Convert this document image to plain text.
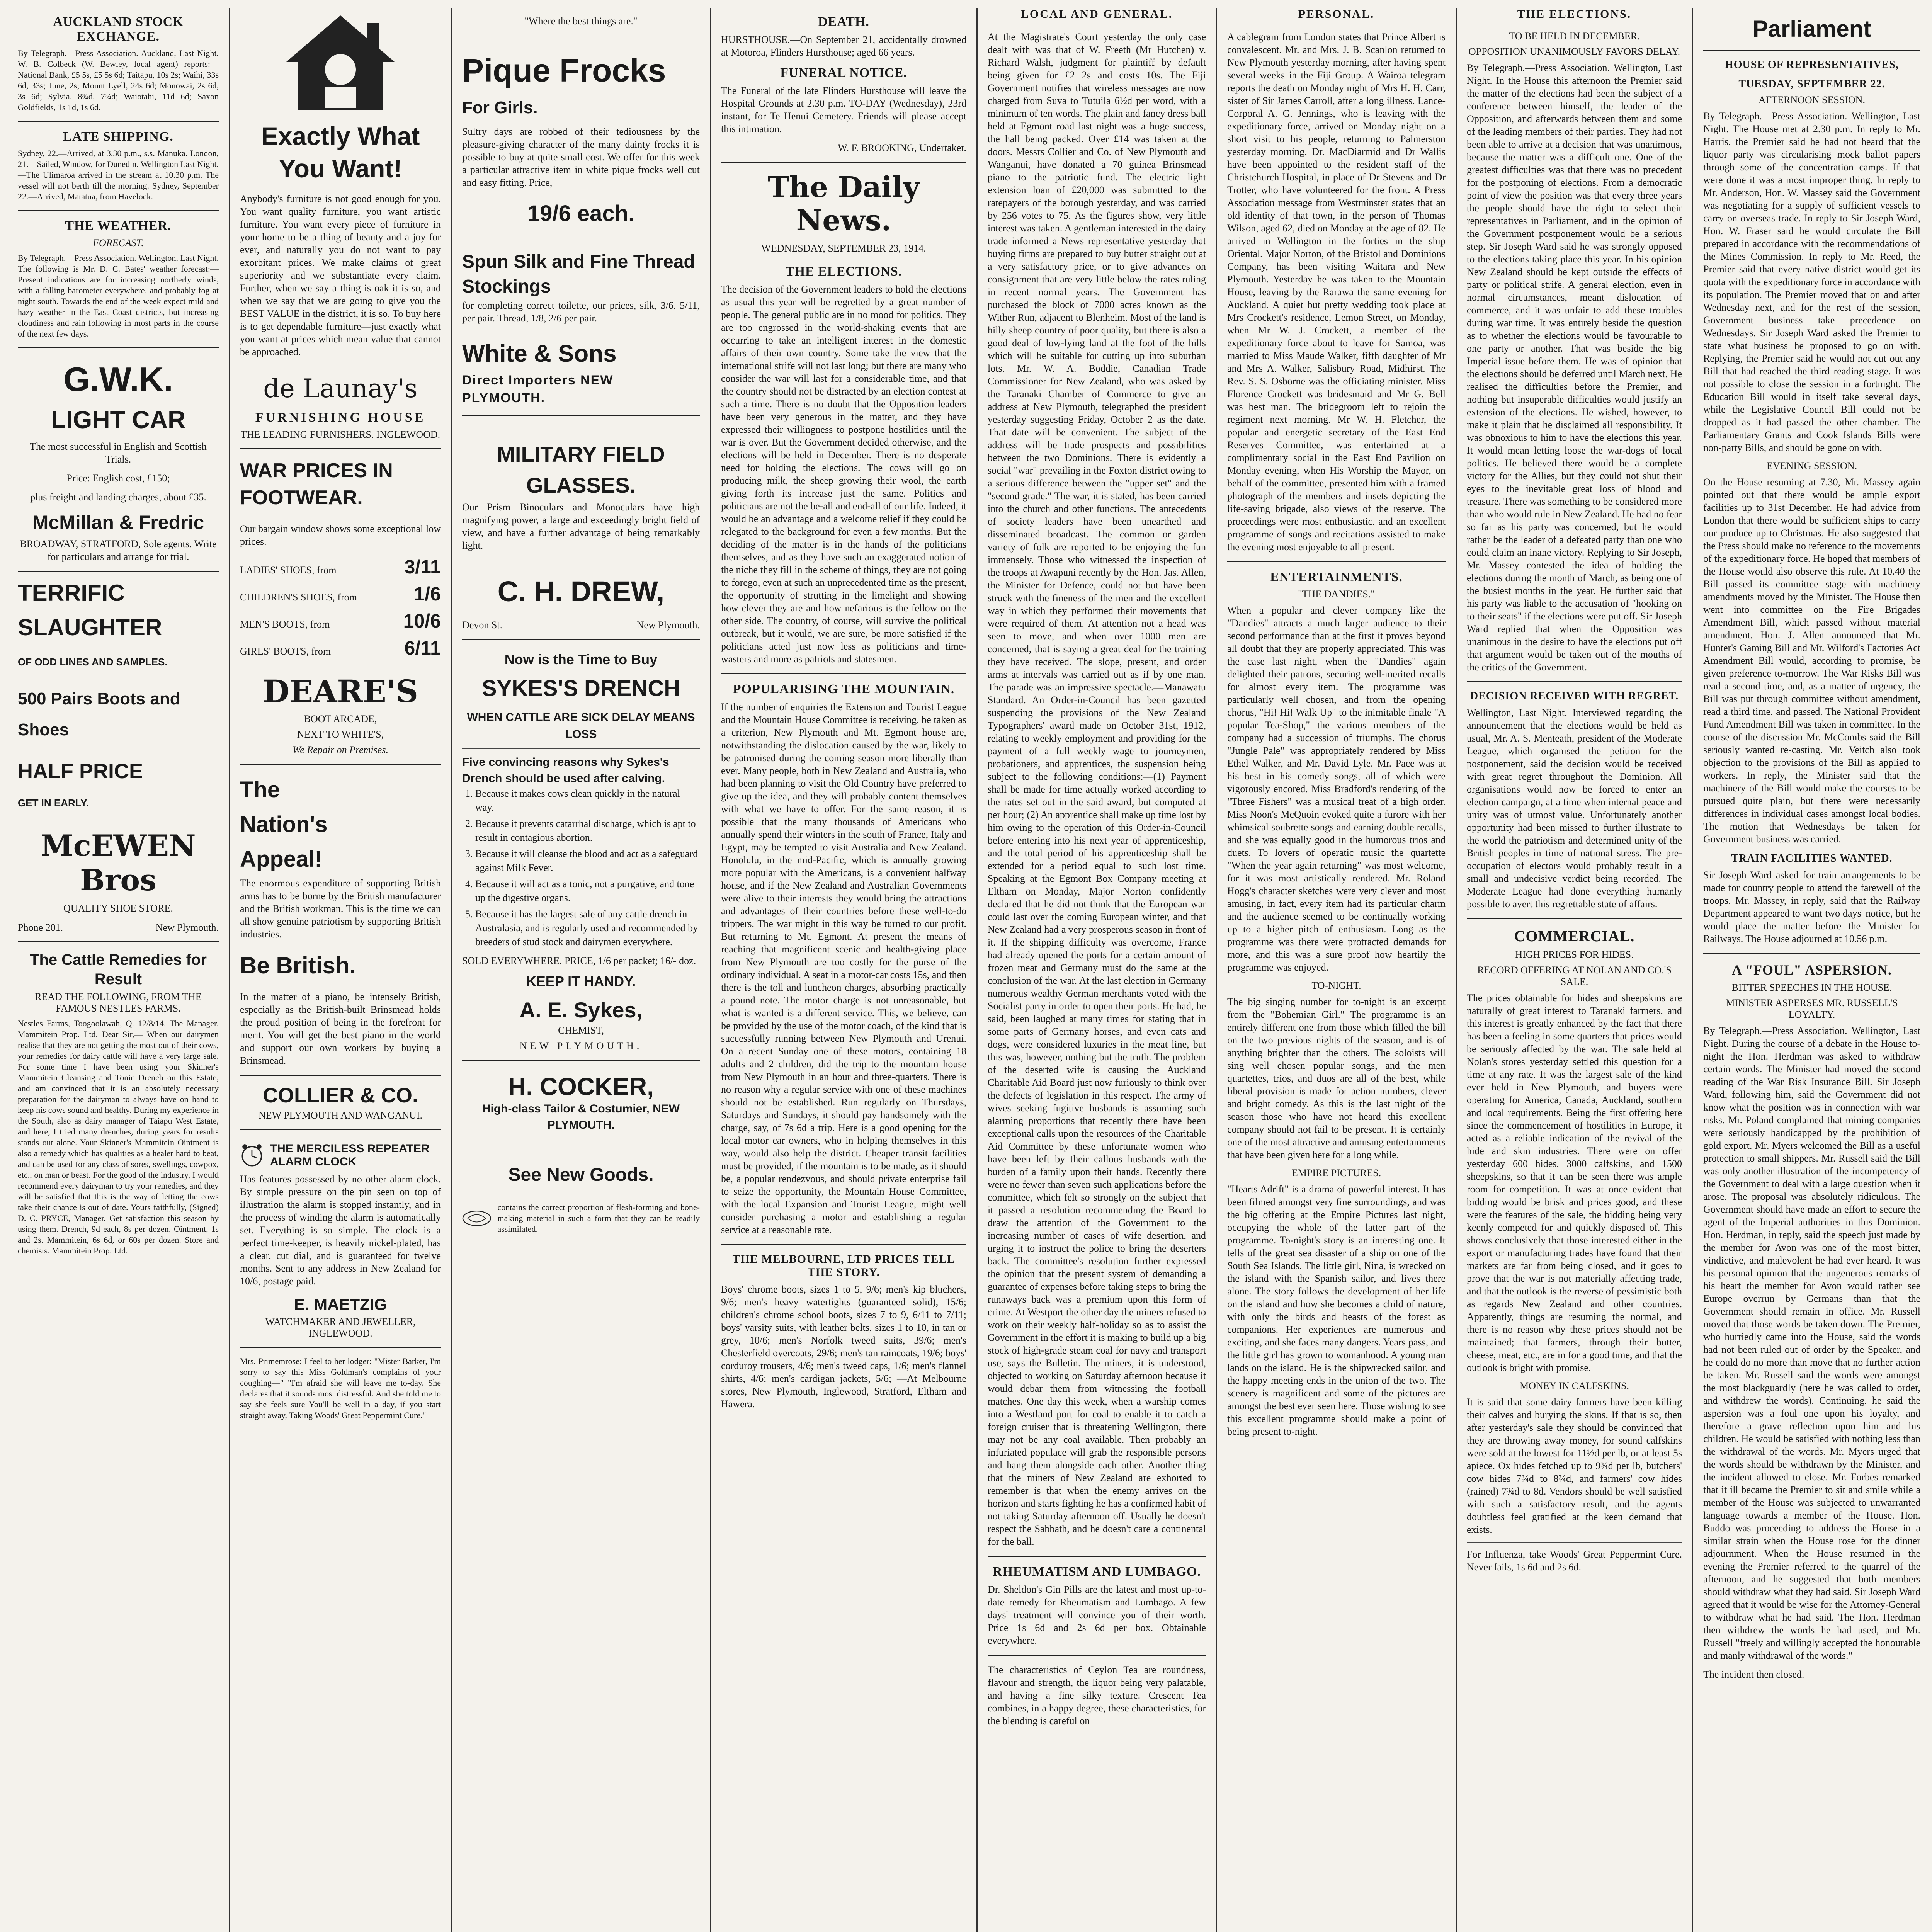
AUCKLAND STOCK EXCHANGE.

By Telegraph.—Press Association. Auckland, Last Night. W. B. Colbeck (W. Bewley, local agent) reports:— National Bank, £5 5s, £5 5s 6d; Taitapu, 10s 2s; Waihi, 33s 6d, 33s; June, 2s; Mount Lyell, 24s 6d; Monowai, 2s 6d, 3s 6d; Sylvia, 8¾d, 7¾d; Waiotahi, 11d 6d; Saxon Goldfields, 1s 1d, 1s 6d.

LATE SHIPPING.

Sydney, 22.—Arrived, at 3.30 p.m., s.s. Manuka. London, 21.—Sailed, Window, for Dunedin. Wellington Last Night.—The Ulimaroa arrived in the stream at 10.30 p.m. The vessel will not berth till the morning. Sydney, September 22.—Arrived, Matatua, from Havelock.

THE WEATHER.
FORECAST.

By Telegraph.—Press Association. Wellington, Last Night. The following is Mr. D. C. Bates' weather forecast:— Present indications are for increasing northerly winds, with a falling barometer everywhere, and probably fog at night south. Towards the end of the week expect mild and hazy weather in the East Coast districts, but increasing cloudiness and rain following in most parts in the course of the next few days.

G.W.K.
LIGHT CAR

The most successful in English and Scottish Trials.

Price: English cost, £150;

plus freight and landing charges, about £35.

McMillan & Fredric

BROADWAY, STRATFORD, Sole agents. Write for particulars and arrange for trial.

TERRIFIC
SLAUGHTER
OF ODD LINES AND SAMPLES.
500 Pairs Boots and Shoes
HALF PRICE
GET IN EARLY.
McEWEN Bros
QUALITY SHOE STORE.
Phone 201.	New Plymouth.
The Cattle Remedies for Result
READ THE FOLLOWING, FROM THE FAMOUS NESTLES FARMS.

Nestles Farms, Toogoolawah, Q. 12/8/14. The Manager, Mammitein Prop. Ltd. Dear Sir,— When our dairymen realise that they are not getting the most out of their cows, your remedies for dairy cattle will have a very large sale. For some time I have been using your Skinner's Mammitein Cleansing and Tonic Drench on this Estate, and am convinced that it is an absolutely necessary preparation for the dairyman to always have on hand to keep his cows sound and healthy. During my experience in the South, also as dairy manager of Taiapu West Estate, and here, I tried many drenches, during years for results stands out alone. Your Skinner's Mammitein Ointment is also a remedy which has qualities as a healer hard to beat, and can be used for any class of sores, swellings, cowpox, etc., on man or beast. For the good of the industry, I would recommend every dairyman to try your remedies, and they will be satisfied that this is the way of letting the cows take their chance is out of date. Yours faithfully, (Signed) D. C. PRYCE, Manager. Get satisfaction this season by using them. Drench, 9d each, 8s per dozen. Ointment, 1s and 2s. Mammitein, 6s 6d, or 60s per dozen. Store and chemists. Mammitein Prop. Ltd.

Exactly What You Want!

Anybody's furniture is not good enough for you. You want quality furniture, you want artistic furniture. You want every piece of furniture in your home to be a thing of beauty and a joy for ever, and naturally you do not want to pay exorbitant prices. We make claims of great superiority and we substantiate every claim. Further, when we say a thing is oak it is so, and when we say that we are going to give you the BEST VALUE in the district, it is so. To buy here is to get dependable furniture—just exactly what you want at prices which mean value that cannot be approached.

de Launay's
FURNISHING HOUSE
THE LEADING FURNISHERS. INGLEWOOD.
WAR PRICES IN FOOTWEAR.

Our bargain window shows some exceptional low prices.

LADIES' SHOES, from	3/11
CHILDREN'S SHOES, from	1/6
MEN'S BOOTS, from	10/6
GIRLS' BOOTS, from	6/11
DEARE'S
BOOT ARCADE,
NEXT TO WHITE'S,
We Repair on Premises.
The
Nation's
Appeal!

The enormous expenditure of supporting British arms has to be borne by the British manufacturer and the British workman. This is the time we can all show genuine patriotism by supporting British industries.

Be British.

In the matter of a piano, be intensely British, especially as the British-built Brinsmead holds the proud position of being in the forefront for merit. You will get the best piano in the world and support our own workers by buying a Brinsmead.

COLLIER & CO.
NEW PLYMOUTH AND WANGANUI.
THE MERCILESS REPEATER ALARM CLOCK

Has features possessed by no other alarm clock. By simple pressure on the pin seen on top of illustration the alarm is stopped instantly, and in the process of winding the alarm is automatically set. Everything is so simple. The clock is a perfect time-keeper, is heavily nickel-plated, has a clear, cut dial, and is guaranteed for twelve months. Sent to any address in New Zealand for 10/6, postage paid.

E. MAETZIG
WATCHMAKER AND JEWELLER, INGLEWOOD.

Mrs. Primemrose: I feel to her lodger: "Mister Barker, I'm sorry to say this Miss Goldman's complains of your coughing—" "I'm afraid she will leave me to-day. She declares that it sounds most distressful. And she told me to say she feels sure You'll be well in a day, if you start straight away, Taking Woods' Great Peppermint Cure."

"Where the best things are."
Pique Frocks
For Girls.

Sultry days are robbed of their tediousness by the pleasure-giving character of the many dainty frocks it is possible to buy at quite small cost. We offer for this week a particular attractive item in white pique frocks well cut and easy fitting. Price,

19/6 each.
Spun Silk and Fine Thread Stockings

for completing correct toilette, our prices, silk, 3/6, 5/11, per pair. Thread, 1/8, 2/6 per pair.

White & Sons
Direct Importers NEW PLYMOUTH.
MILITARY FIELD GLASSES.

Our Prism Binoculars and Monoculars have high magnifying power, a large and exceedingly bright field of view, and have a further advantage of being remarkably light.

C. H. DREW,
Devon St.	New Plymouth.
Now is the Time to Buy
SYKES'S DRENCH
WHEN CATTLE ARE SICK DELAY MEANS LOSS
Five convincing reasons why Sykes's Drench should be used after calving.
1. Because it makes cows clean quickly in the natural way.
2. Because it prevents catarrhal discharge, which is apt to result in contagious abortion.
3. Because it will cleanse the blood and act as a safeguard against Milk Fever.
4. Because it will act as a tonic, not a purgative, and tone up the digestive organs.
5. Because it has the largest sale of any cattle drench in Australasia, and is regularly used and recommended by breeders of stud stock and dairymen everywhere.

SOLD EVERYWHERE. PRICE, 1/6 per packet; 16/- doz.

KEEP IT HANDY.
A. E. Sykes,
CHEMIST,
NEW PLYMOUTH.
H. COCKER,
High-class Tailor & Costumier, NEW PLYMOUTH.
See New Goods.

contains the correct proportion of flesh-forming and bone-making material in such a form that they can be readily assimilated.

DEATH.

HURSTHOUSE.—On September 21, accidentally drowned at Motoroa, Flinders Hursthouse; aged 66 years.

FUNERAL NOTICE.

The Funeral of the late Flinders Hursthouse will leave the Hospital Grounds at 2.30 p.m. TO-DAY (Wednesday), 23rd instant, for Te Henui Cemetery. Friends will please accept this intimation.

W. F. BROOKING, Undertaker.

The Daily News.
WEDNESDAY, SEPTEMBER 23, 1914.
THE ELECTIONS.

The decision of the Government leaders to hold the elections as usual this year will be regretted by a great number of people. The general public are in no mood for politics. They are too engrossed in the world-shaking events that are occurring to take an intelligent interest in the domestic affairs of their own country. Some take the view that the international strife will not last long; but there are many who consider the war will last for a considerable time, and that the country should not be distracted by an election contest at such a time. There is no doubt that the Opposition leaders have been very generous in the matter, and they have expressed their willingness to postpone hostilities until the war is over. But the Government decided otherwise, and the elections will be held in December. There is no desperate need for holding the elections. The cows will go on producing milk, the sheep growing their wool, the earth giving forth its increase just the same. Politics and politicians are not the be-all and end-all of our life. Indeed, it would be an advantage and a welcome relief if they could be relegated to the background for even a few months. But the deciding of the matter is in the hands of the politicians themselves, and as they have such an exaggerated notion of the niche they fill in the scheme of things, they are not going to forego, even at such an unprecedented time as the present, the opportunity of strutting in the limelight and showing how clever they are and how nefarious is the fellow on the other side. The country, of course, will survive the political outbreak, but it would, we are sure, be more satisfied if the politicians acted just now less as politicians and time-wasters and more as patriots and statesmen.

POPULARISING THE MOUNTAIN.

If the number of enquiries the Extension and Tourist League and the Mountain House Committee is receiving, be taken as a criterion, New Plymouth and Mt. Egmont house are, notwithstanding the dislocation caused by the war, likely to be patronised during the coming season more liberally than ever. Many people, both in New Zealand and Australia, who had been planning to visit the Old Country have preferred to give up the idea, and they will probably content themselves with what we have to offer. For the same reason, it is possible that the many thousands of Americans who annually spend their winters in the south of France, Italy and Egypt, may be tempted to visit Australia and New Zealand. Honolulu, in the mid-Pacific, which is annually growing more popular with the Americans, is a convenient halfway house, and if the New Zealand and Australian Governments were alive to their interests they would bring the attractions and advantages of their countries before these well-to-do trippers. The war might in this way be turned to our profit. But returning to Mt. Egmont. At present the means of reaching that magnificent scenic and health-giving place from New Plymouth are too costly for the purse of the ordinary individual. A seat in a motor-car costs 15s, and then there is the toll and luncheon charges, absorbing practically a pound note. The motor charge is not unreasonable, but what is wanted is a different service. This, we believe, can be provided by the use of the motor coach, of the kind that is successfully running between New Plymouth and Urenui. On a recent Sunday one of these motors, containing 18 adults and 2 children, did the trip to the mountain house from New Plymouth in an hour and three-quarters. There is no reason why a regular service with one of these machines should not be established. Run regularly on Thursdays, Saturdays and Sundays, it should pay handsomely with the charge, say, of 7s 6d a trip. Here is a good opening for the local motor car owners, who in helping themselves in this way, would also help the district. Cheaper transit facilities must be provided, if the mountain is to be made, as it should be, a popular rendezvous, and should private enterprise fail to seize the opportunity, the Mountain House Committee, with the local Expansion and Tourist League, might well consider purchasing a motor and establishing a regular service at a reasonable rate.

THE MELBOURNE, LTD PRICES TELL THE STORY.

Boys' chrome boots, sizes 1 to 5, 9/6; men's kip bluchers, 9/6; men's heavy watertights (guaranteed solid), 15/6; children's chrome school boots, sizes 7 to 9, 6/11 to 7/11; boys' varsity suits, with leather belts, sizes 1 to 10, in tan or grey, 10/6; men's Norfolk tweed suits, 39/6; men's Chesterfield overcoats, 29/6; men's tan raincoats, 19/6; boys' corduroy trousers, 4/6; men's tweed caps, 1/6; men's flannel shirts, 4/6; men's cardigan jackets, 5/6; —At Melbourne stores, New Plymouth, Inglewood, Stratford, Eltham and Hawera.

LOCAL AND GENERAL.

At the Magistrate's Court yesterday the only case dealt with was that of W. Freeth (Mr Hutchen) v. Richard Walsh, judgment for plaintiff by default being given for £2 2s and costs 10s. The Fiji Government notifies that wireless messages are now charged from Suva to Tutuila 6½d per word, with a minimum of ten words. The plain and fancy dress ball held at Egmont road last night was a huge success, the hall being packed. Over £14 was taken at the doors. Messrs Collier and Co. of New Plymouth and Wanganui, have donated a 70 guinea Brinsmead piano to the patriotic fund. The electric light extension loan of £20,000 was submitted to the ratepayers of the borough yesterday, and was carried by 256 votes to 75. As the figures show, very little interest was taken. A gentleman interested in the dairy trade informed a News representative yesterday that buying firms are prepared to buy butter straight out at a very satisfactory price, or to give advances on consignment that are very little below the rates ruling in recent normal years. The Government has purchased the block of 7000 acres known as the Wither Run, adjacent to Blenheim. Most of the land is hilly sheep country of poor quality, but there is also a good deal of low-lying land at the foot of the hills which will be suitable for cutting up into suburban lots. Mr. W. A. Boddie, Canadian Trade Commissioner for New Zealand, who was asked by the Taranaki Chamber of Commerce to give an address at New Plymouth, telegraphed the president yesterday suggesting Friday, October 2 as the date. That date will be convenient. The subject of the address will be trade prospects and possibilities between the two Dominions. There is evidently a social "war" prevailing in the Foxton district owing to a serious difference between the "upper set" and the "second grade." The war, it is stated, has been carried into the church and other functions. The antecedents of society leaders have been unearthed and disseminated broadcast. The common or garden variety of folk are reported to be enjoying the fun immensely. Those who witnessed the inspection of the troops at Awapuni recently by the Hon. Jas. Allen, the Minister for Defence, could not but have been struck with the fineness of the men and the excellent way in which they performed their movements that were required of them. At attention not a head was seen to move, and when over 1000 men are concerned, that is saying a great deal for the training they have received. The slope, present, and order arms at intervals was carried out as if by one man. The parade was an impressive spectacle.—Manawatu Standard. An Order-in-Council has been gazetted suspending the provisions of the New Zealand Typographers' award made on October 31st, 1912, relating to weekly employment and providing for the payment of a full weekly wage to journeymen, probationers, and apprentices, the suspension being subject to the following conditions:—(1) Payment shall be made for time actually worked according to the rates set out in the said award, but computed at per hour; (2) An apprentice shall make up time lost by him owing to the operation of this Order-in-Council before entering into his next year of apprenticeship, and the total period of his apprenticeship shall be extended for a period equal to such lost time. Speaking at the Egmont Box Company meeting at Eltham on Monday, Major Norton confidently declared that he did not think that the European war could last over the coming European winter, and that New Zealand had a very prosperous season in front of it. If the shipping difficulty was overcome, France had already opened the ports for a certain amount of frozen meat and Germany must do the same at the conclusion of the war. At the last election in Germany numerous wealthy German merchants voted with the Socialist party in order to open their ports. He had, he said, been laughed at many times for stating that in some parts of Germany horses, and even cats and dogs, were considered luxuries in the meat line, but this was, however, nothing but the truth. The problem of the deserted wife is causing the Auckland Charitable Aid Board just now furiously to think over the defects of legislation in this respect. The army of wives seeking fugitive husbands is assuming such alarming proportions that recently there have been exceptional calls upon the resources of the Charitable Aid Committee by these unfortunate women who have been left by their callous husbands with the burden of a family upon their hands. Recently there were no fewer than seven such applications before the committee, which felt so strongly on the subject that it passed a resolution recommending the Board to draw the attention of the Government to the increasing number of cases of wife desertion, and urging it to instruct the police to bring the deserters back. The committee's resolution further expressed the opinion that the present system of demanding a guarantee of expenses before taking steps to bring the runaways back was a premium upon this form of crime. At Westport the other day the miners refused to work on their weekly half-holiday so as to assist the Government in the effort it is making to build up a big stock of high-grade steam coal for navy and transport use, says the Bulletin. The miners, it is understood, objected to working on Saturday afternoon because it would debar them from witnessing the football matches. One day this week, when a warship comes into a Westland port for coal to enable it to catch a foreign cruiser that is threatening Wellington, there may not be any coal available. Then probably an infuriated populace will grab the responsible persons and hang them alongside each other. Another thing that the miners of New Zealand are exhorted to remember is that when the enemy arrives on the horizon and starts fighting he has a confirmed habit of not taking Saturday afternoon off. Usually he doesn't respect the Sabbath, and he doesn't care a continental for the ball.

RHEUMATISM AND LUMBAGO.

Dr. Sheldon's Gin Pills are the latest and most up-to-date remedy for Rheumatism and Lumbago. A few days' treatment will convince you of their worth. Price 1s 6d and 2s 6d per box. Obtainable everywhere.

The characteristics of Ceylon Tea are roundness, flavour and strength, the liquor being very palatable, and having a fine silky texture. Crescent Tea combines, in a happy degree, these characteristics, for the blending is careful on

PERSONAL.

A cablegram from London states that Prince Albert is convalescent. Mr. and Mrs. J. B. Scanlon returned to New Plymouth yesterday morning, after having spent several weeks in the Fiji Group. A Wairoa telegram reports the death on Monday night of Mrs H. H. Carr, sister of Sir James Carroll, after a long illness. Lance-Corporal A. G. Jennings, who is leaving with the expeditionary force, arrived on Monday night on a short visit to his people, returning to Palmerston yesterday morning. Dr. MacDiarmid and Dr Wallis have been appointed to the resident staff of the Christchurch Hospital, in place of Dr Stevens and Dr Trotter, who have volunteered for the front. A Press Association message from Westminster states that an old identity of that town, in the person of Thomas Wilson, aged 62, died on Monday at the age of 82. He arrived in Wellington in the forties in the ship Oriental. Major Norton, of the Bristol and Dominions Company, has been visiting Waitara and New Plymouth. Yesterday he was taken to the Mountain House, leaving by the Rarawa the same evening for Auckland. A quiet but pretty wedding took place at Mrs Crockett's residence, Lemon Street, on Monday, when Mr W. J. Crockett, a member of the expeditionary force about to leave for Samoa, was married to Miss Maude Walker, fifth daughter of Mr and Mrs A. Walker, Salisbury Road, Midhirst. The Rev. S. S. Osborne was the officiating minister. Miss Florence Crockett was bridesmaid and Mr G. Bell was best man. The bridegroom left to rejoin the regiment next morning. Mr W. H. Fletcher, the popular and energetic secretary of the East End Reserves Committee, was entertained at a complimentary social in the East End Pavilion on Monday evening, when His Worship the Mayor, on behalf of the committee, presented him with a framed photograph of the members and insets depicting the life-saving brigade, also views of the reserve. The proceedings were most enthusiastic, and an excellent programme of songs and recitations assisted to make the evening most enjoyable to all present.

ENTERTAINMENTS.
"THE DANDIES."

When a popular and clever company like the "Dandies" attracts a much larger audience to their second performance than at the first it proves beyond all doubt that they are properly appreciated. This was the case last night, when the "Dandies" again delighted their patrons, securing well-merited recalls for almost every item. The programme was particularly well chosen, and from the opening chorus, "Hi! Hi! Walk Up" to the inimitable finale "A popular Tea-Shop," the various members of the company had a succession of triumphs. The chorus "Jungle Pale" was appropriately rendered by Miss Ethel Walker, and Mr. David Lyle. Mr. Pace was at his best in his comedy songs, all of which were vigorously encored. Miss Bradford's rendering of the "Three Fishers" was a musical treat of a high order. Miss Noon's McQuoin evoked quite a furore with her whimsical soubrette songs and earning double recalls, and she was equally good in the humorous trios and duets. To lovers of operatic music the quartette "When the year again returning" was most welcome, for it was most artistically rendered. Mr. Roland Hogg's character sketches were very clever and most amusing, in fact, every item had its particular charm and the audience seemed to be continually working up to a higher pitch of enthusiasm. Long as the programme was there were protracted demands for more, and this was a sure proof how heartily the programme was enjoyed.

TO-NIGHT.

The big singing number for to-night is an excerpt from the "Bohemian Girl." The programme is an entirely different one from those which filled the bill on the two previous nights of the season, and is of anything brighter than the others. The soloists will sing well chosen popular songs, and the men quartettes, trios, and duos are all of the best, while liberal provision is made for action numbers, clever and bright comedy. As this is the last night of the season those who have not heard this excellent company should not fail to be present. It is certainly one of the most attractive and amusing entertainments that have been given here for a long while.

EMPIRE PICTURES.

"Hearts Adrift" is a drama of powerful interest. It has been filmed amongst very fine surroundings, and was the big offering at the Empire Pictures last night, occupying the whole of the latter part of the programme. To-night's story is an interesting one. It tells of the great sea disaster of a ship on one of the South Sea Islands. The little girl, Nina, is wrecked on the island with the Spanish sailor, and lives there alone. The story follows the development of her life on the island and how she becomes a child of nature, with only the birds and beasts of the forest as companions. Her experiences are numerous and exciting, and she faces many dangers. Years pass, and the little girl has grown to womanhood. A young man lands on the island. He is the shipwrecked sailor, and the happy meeting ends in the union of the two. The scenery is magnificent and some of the pictures are amongst the best ever seen here. Those wishing to see this excellent programme should make a point of being present to-night.

THE ELECTIONS.
TO BE HELD IN DECEMBER.
OPPOSITION UNANIMOUSLY FAVORS DELAY.

By Telegraph.—Press Association. Wellington, Last Night. In the House this afternoon the Premier said the matter of the elections had been the subject of a conference between himself, the leader of the Opposition, and afterwards between them and some of the leading members of their parties. They had not been able to arrive at a decision that was unanimous, because the matter was a difficult one. One of the greatest difficulties was that there was no precedent for the postponing of elections. From a democratic point of view the position was that every three years the people should have the right to select their representatives in Parliament, and in the opinion of the Government postponement would be a serious step. Sir Joseph Ward said he was strongly opposed to the elections taking place this year. In his opinion New Zealand should be kept outside the effects of party or political strife. A general election, even in normal circumstances, meant dislocation of commerce, and it was unfair to add these troubles during war time. It was entirely beside the question as to whether the elections would be favourable to one party or another. That was beside the big Imperial issue before them. He was of opinion that the elections should be deferred until March next. He realised the difficulties before the Premier, and nothing but insuperable difficulties would justify an extension of the elections. He wished, however, to make it plain that he disclaimed all responsibility. It was obnoxious to him to have the elections this year. It would mean letting loose the war-dogs of local politics. He believed there would be a complete victory for the Allies, but they could not shut their eyes to the inevitable great loss of blood and treasure. There was something to be considered more than who would rule in New Zealand. He had no fear so far as his party was concerned, but he would rather be the leader of a defeated party than one who could claim an inane victory. Replying to Sir Joseph, Mr. Massey contested the idea of holding the elections during the month of March, as being one of the busiest months in the year. He further said that his party was liable to the accusation of "hooking on to their seats" if the elections were put off. Sir Joseph Ward replied that when the Opposition was unanimous in the desire to have the elections put off that argument would be taken out of the mouths of the critics of the Government.

DECISION RECEIVED WITH REGRET.

Wellington, Last Night. Interviewed regarding the announcement that the elections would be held as usual, Mr. A. S. Menteath, president of the Moderate League, which organised the petition for the postponement, said the decision would be received with great regret throughout the Dominion. All organisations would now be forced to enter an election campaign, at a time when internal peace and unity was of utmost value. Unfortunately another opportunity had been missed to further illustrate to the world the patriotism and determined unity of the British peoples in time of national stress. The pre-occupation of electors would probably result in a small and undecisive verdict being recorded. The Moderate League had done everything humanly possible to avert this regrettable state of affairs.

COMMERCIAL.
HIGH PRICES FOR HIDES.
RECORD OFFERING AT NOLAN AND CO.'S SALE.

The prices obtainable for hides and sheepskins are naturally of great interest to Taranaki farmers, and this interest is greatly enhanced by the fact that there has been a feeling in some quarters that prices would be seriously affected by the war. The sale held at Nolan's stores yesterday settled this question for a time at any rate. It was the largest sale of the kind ever held in New Plymouth, and buyers were operating for America, Canada, Auckland, southern and local requirements. Being the first offering here since the commencement of hostilities in Europe, it acted as a reliable indication of the revival of the hide and skin industries. There were on offer yesterday 600 hides, 3000 calfskins, and 1500 sheepskins, so that it can be seen there was ample room for competition. It was at once evident that bidding would be brisk and prices good, and these were the features of the sale, the bidding being very keenly competed for and quickly disposed of. This shows conclusively that those interested either in the export or manufacturing trades have found that their markets are far from being closed, and it goes to prove that the war is not materially affecting trade, and that the outlook is the reverse of pessimistic both as regards New Zealand and other countries. Apparently, things are resuming the normal, and there is no reason why these prices should not be maintained; that farmers, through their butter, cheese, meat, etc., are in for a good time, and that the outlook is bright with promise.

MONEY IN CALFSKINS.

It is said that some dairy farmers have been killing their calves and burying the skins. If that is so, then after yesterday's sale they should be convinced that they are throwing away money, for sound calfskins were sold at the lowest for 11½d per lb, or at least 5s apiece. Ox hides fetched up to 9¾d per lb, butchers' cow hides 7¾d to 8¾d, and farmers' cow hides (rained) 7¾d to 8d. Vendors should be well satisfied with such a satisfactory result, and the agents doubtless feel gratified at the keen demand that exists.

For Influenza, take Woods' Great Peppermint Cure. Never fails, 1s 6d and 2s 6d.

Parliament
HOUSE OF REPRESENTATIVES,
TUESDAY, SEPTEMBER 22.
AFTERNOON SESSION.

By Telegraph.—Press Association. Wellington, Last Night. The House met at 2.30 p.m. In reply to Mr. Harris, the Premier said he had not heard that the liquor party was circularising mock ballot papers through some of the concentration camps. If that were done it was a most improper thing. In reply to Mr. Anderson, Hon. W. Massey said the Government was negotiating for a supply of sufficient vessels to carry on overseas trade. In reply to Sir Joseph Ward, Hon. W. Fraser said he would circulate the Bill prepared in accordance with the recommendations of the Mines Commission. In reply to Mr. Reed, the Premier said that every native district would get its quota with the expeditionary force in accordance with its population. The Premier moved that on and after Wednesday next, and for the rest of the session, Government business take precedence on Wednesdays. Sir Joseph Ward asked the Premier to state what business he proposed to go on with. Replying, the Premier said he would not cut out any Bill that had reached the third reading stage. It was not possible to close the session in a fortnight. The Education Bill would in itself take several days, while the Legislative Council Bill could not be dropped as it had passed the other chamber. The Parliamentary Grants and Cook Islands Bills were non-party Bills, and should be gone on with.

EVENING SESSION.

On the House resuming at 7.30, Mr. Massey again pointed out that there would be ample export facilities up to 31st December. He had advice from London that there would be sufficient ships to carry our produce up to Christmas. He also suggested that the Press should make no reference to the movements of the expeditionary force. He hoped that members of the House would also observe this rule. At 10.40 the Bill passed its committee stage with machinery amendments moved by the Minister. The House then went into committee on the Fire Brigades Amendment Bill, which passed without material amendment. Hon. J. Allen announced that Mr. Hunter's Gaming Bill and Mr. Wilford's Factories Act Amendment Bill would, according to promise, be given preference to-morrow. The War Risks Bill was read a second time, and, as a matter of urgency, the Bill was put through committee without amendment, read a third time, and passed. The National Provident Fund Amendment Bill was taken in committee. In the course of the discussion Mr. McCombs said the Bill seriously wanted re-casting. Mr. Veitch also took objection to the provisions of the Bill as applied to workers. In reply, the Minister said that the machinery of the Bill would make the courses to be pursued quite plain, but there were necessarily differences in individual cases amongst local bodies. The motion that Wednesdays be taken for Government business was carried.

TRAIN FACILITIES WANTED.

Sir Joseph Ward asked for train arrangements to be made for country people to attend the farewell of the troops. Mr. Massey, in reply, said that the Railway Department appeared to want two days' notice, but he would place the matter before the Minister for Railways. The House adjourned at 10.56 p.m.

A "FOUL" ASPERSION.
BITTER SPEECHES IN THE HOUSE.
MINISTER ASPERSES MR. RUSSELL'S LOYALTY.

By Telegraph.—Press Association. Wellington, Last Night. During the course of a debate in the House to-night the Hon. Herdman was asked to withdraw certain words. The Minister had moved the second reading of the War Risk Insurance Bill. Sir Joseph Ward, following him, said the Government did not know what the position was in connection with war risks. Mr. Poland complained that mining companies were seriously handicapped by the prohibition of gold export. Mr. Myers welcomed the Bill as a useful protection to small shippers. Mr. Russell said the Bill was only another illustration of the incompetency of the Government to deal with a large question when it arose. The proposal was absolutely ridiculous. The Government should have made an effort to secure the agent of the Imperial authorities in this Dominion. Hon. Herdman, in reply, said the speech just made by the member for Avon was one of the most bitter, vindictive, and malevolent he had ever heard. It was his personal opinion that the ungenerous remarks of his heart the member for Avon would rather see Europe overrun by Germans than that the Government should remain in office. Mr. Russell moved that those words be taken down. The Premier, who hurriedly came into the House, said the words had not been ruled out of order by the Speaker, and he could do no more than move that no further action be taken. Mr. Russell said the words were amongst the most blackguardly (here he was called to order, and withdrew the words). Continuing, he said the aspersion was a foul one upon his loyalty, and therefore a grave reflection upon him and his children. He would be satisfied with nothing less than the withdrawal of the words. Mr. Myers urged that the words should be withdrawn by the Minister, and the incident allowed to close. Mr. Forbes remarked that it ill became the Premier to sit and smile while a member of the House was subjected to unwarranted language towards a member of the House. Hon. Buddo was proceeding to address the House in a similar strain when the House rose for the dinner adjournment. When the House resumed in the evening the Premier referred to the quarrel of the afternoon, and he suggested that both members should withdraw what they had said. Sir Joseph Ward agreed that it would be wise for the Attorney-General to withdraw what he had said. The Hon. Herdman then withdrew the words he had used, and Mr. Russell "freely and willingly accepted the honourable and manly withdrawal of the words."

The incident then closed.
